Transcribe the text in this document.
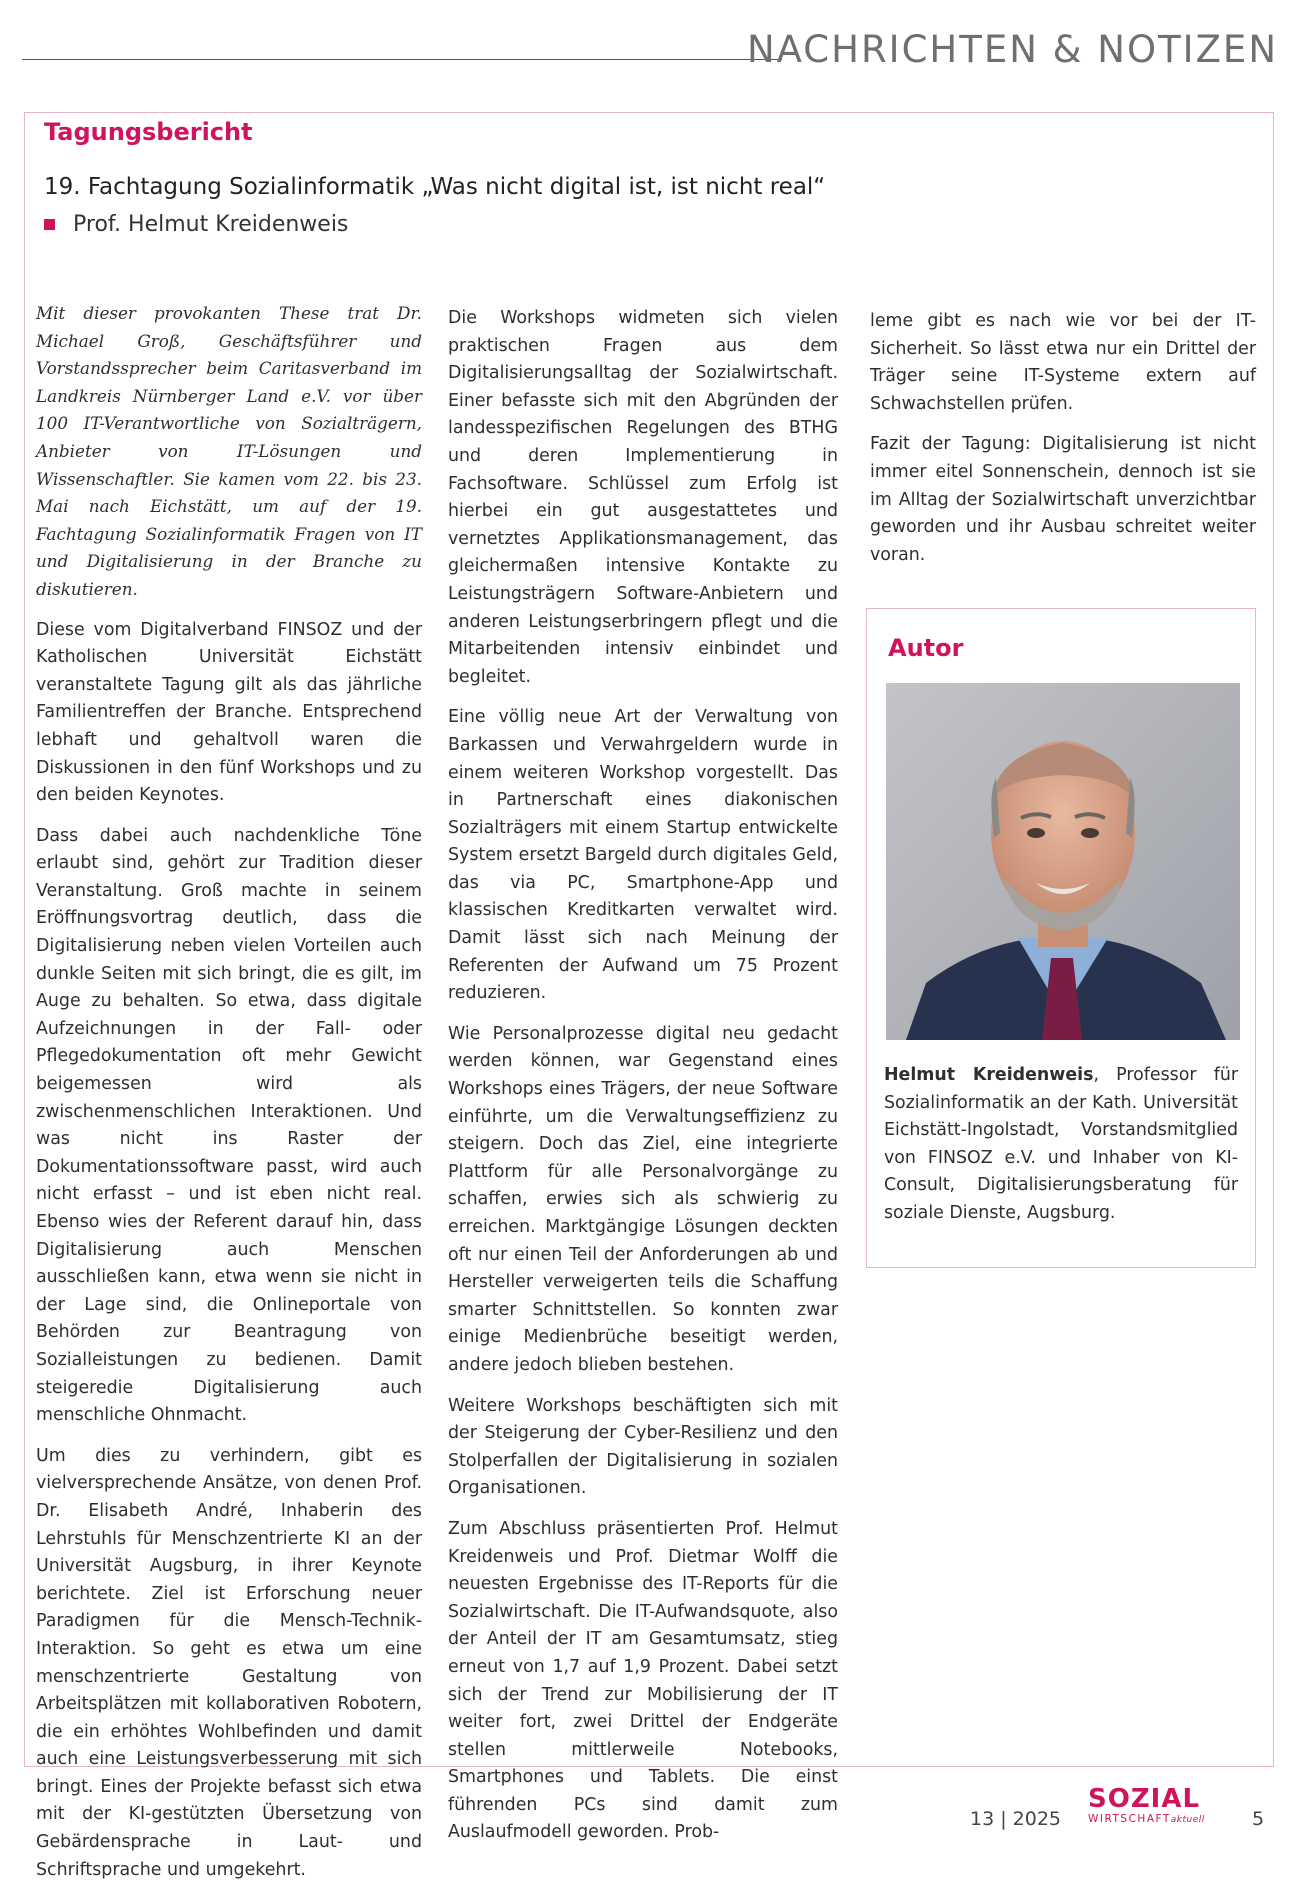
NACHRICHTEN & NOTIZEN
Tagungsbericht
19. Fachtagung Sozialinformatik „Was nicht digital ist, ist nicht real“
Prof. Helmut Kreidenweis

Mit dieser provokanten These trat Dr. Michael Groß, Geschäftsführer und Vorstandssprecher beim Caritasverband im Landkreis Nürnberger Land e.V. vor über 100 IT-Verantwortliche von Sozialträgern, Anbieter von IT-Lösungen und Wissenschaftler. Sie kamen vom 22. bis 23. Mai nach Eichstätt, um auf der 19. Fachtagung Sozialinformatik Fragen von IT und Digitalisierung in der Branche zu diskutieren.

Diese vom Digitalverband FINSOZ und der Katholischen Universität Eichstätt veranstaltete Tagung gilt als das jährliche Familientreffen der Branche. Entsprechend lebhaft und gehaltvoll waren die Diskussionen in den fünf Workshops und zu den beiden Keynotes.

Dass dabei auch nachdenkliche Töne erlaubt sind, gehört zur Tradition dieser Veranstaltung. Groß machte in seinem Eröffnungsvortrag deutlich, dass die Digitalisierung neben vielen Vorteilen auch dunkle Seiten mit sich bringt, die es gilt, im Auge zu behalten. So etwa, dass digitale Aufzeichnungen in der Fall- oder Pflegedokumentation oft mehr Gewicht beigemessen wird als zwischenmenschlichen Interaktionen. Und was nicht ins Raster der Dokumentationssoftware passt, wird auch nicht erfasst – und ist eben nicht real. Ebenso wies der Referent darauf hin, dass Digitalisierung auch Menschen ausschließen kann, etwa wenn sie nicht in der Lage sind, die Onlineportale von Behörden zur Beantragung von Sozialleistungen zu bedienen. Damit steigeredie Digitalisierung auch menschliche Ohnmacht.

Um dies zu verhindern, gibt es vielversprechende Ansätze, von denen Prof. Dr. Elisabeth André, Inhaberin des Lehrstuhls für Menschzentrierte KI an der Universität Augsburg, in ihrer Keynote berichtete. Ziel ist Erforschung neuer Paradigmen für die Mensch-Technik-Interaktion. So geht es etwa um eine menschzentrierte Gestaltung von Arbeitsplätzen mit kollaborativen Robotern, die ein erhöhtes Wohlbefinden und damit auch eine Leistungsverbesserung mit sich bringt. Eines der Projekte befasst sich etwa mit der KI-gestützten Übersetzung von Gebärdensprache in Laut- und Schriftsprache und umgekehrt.

Die Workshops widmeten sich vielen praktischen Fragen aus dem Digitalisierungsalltag der Sozialwirtschaft. Einer befasste sich mit den Abgründen der landesspezifischen Regelungen des BTHG und deren Implementierung in Fachsoftware. Schlüssel zum Erfolg ist hierbei ein gut ausgestattetes und vernetztes Applikationsmanagement, das gleichermaßen intensive Kontakte zu Leistungsträgern Software-Anbietern und anderen Leistungserbringern pflegt und die Mitarbeitenden intensiv einbindet und begleitet.

Eine völlig neue Art der Verwaltung von Barkassen und Verwahrgeldern wurde in einem weiteren Workshop vorgestellt. Das in Partnerschaft eines diakonischen Sozialträgers mit einem Startup entwickelte System ersetzt Bargeld durch digitales Geld, das via PC, Smartphone-App und klassischen Kreditkarten verwaltet wird. Damit lässt sich nach Meinung der Referenten der Aufwand um 75 Prozent reduzieren.

Wie Personalprozesse digital neu gedacht werden können, war Gegenstand eines Workshops eines Trägers, der neue Software einführte, um die Verwaltungseffizienz zu steigern. Doch das Ziel, eine integrierte Plattform für alle Personalvorgänge zu schaffen, erwies sich als schwierig zu erreichen. Marktgängige Lösungen deckten oft nur einen Teil der Anforderungen ab und Hersteller verweigerten teils die Schaffung smarter Schnittstellen. So konnten zwar einige Medienbrüche beseitigt werden, andere jedoch blieben bestehen.

Weitere Workshops beschäftigten sich mit der Steigerung der Cyber-Resilienz und den Stolperfallen der Digitalisierung in sozialen Organisationen.

Zum Abschluss präsentierten Prof. Helmut Kreidenweis und Prof. Dietmar Wolff die neuesten Ergebnisse des IT-Reports für die Sozialwirtschaft. Die IT-Aufwandsquote, also der Anteil der IT am Gesamtumsatz, stieg erneut von 1,7 auf 1,9 Prozent. Dabei setzt sich der Trend zur Mobilisierung der IT weiter fort, zwei Drittel der Endgeräte stellen mittlerweile Notebooks, Smartphones und Tablets. Die einst führenden PCs sind damit zum Auslaufmodell geworden. Prob-

leme gibt es nach wie vor bei der IT-Sicherheit. So lässt etwa nur ein Drittel der Träger seine IT-Systeme extern auf Schwachstellen prüfen.

Fazit der Tagung: Digitalisierung ist nicht immer eitel Sonnenschein, dennoch ist sie im Alltag der Sozialwirtschaft unverzichtbar geworden und ihr Ausbau schreitet weiter voran.

Autor
Helmut Kreidenweis, Professor für Sozialinformatik an der Kath. Universität Eichstätt-Ingolstadt, Vorstandsmitglied von FINSOZ e.V. und Inhaber von KI-Consult, Digitalisierungsberatung für soziale Dienste, Augsburg.
13 | 2025
SOZIAL
WIRTSCHAFTaktuell 5
